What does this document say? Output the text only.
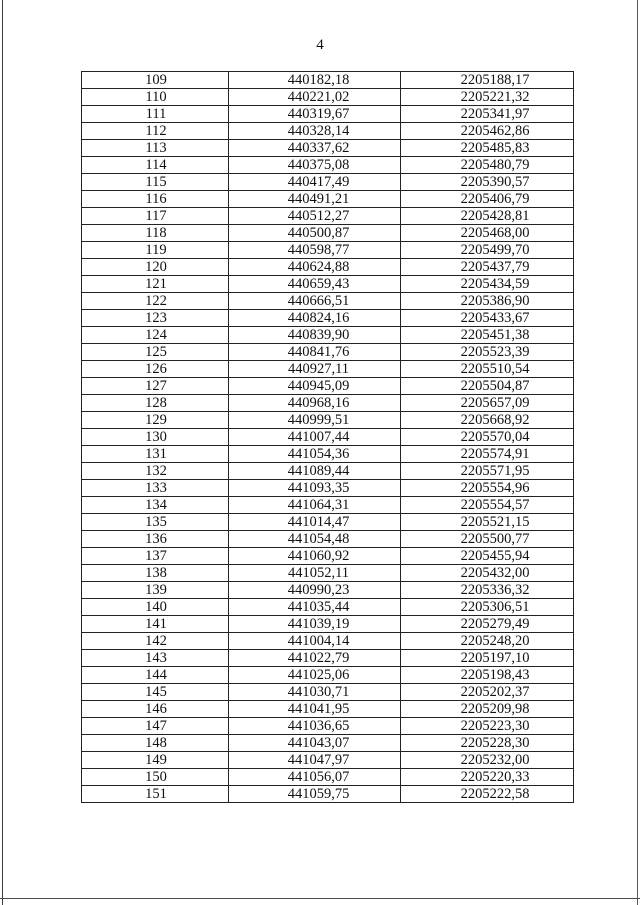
4
109	440182,18	2205188,17
110	440221,02	2205221,32
111	440319,67	2205341,97
112	440328,14	2205462,86
113	440337,62	2205485,83
114	440375,08	2205480,79
115	440417,49	2205390,57
116	440491,21	2205406,79
117	440512,27	2205428,81
118	440500,87	2205468,00
119	440598,77	2205499,70
120	440624,88	2205437,79
121	440659,43	2205434,59
122	440666,51	2205386,90
123	440824,16	2205433,67
124	440839,90	2205451,38
125	440841,76	2205523,39
126	440927,11	2205510,54
127	440945,09	2205504,87
128	440968,16	2205657,09
129	440999,51	2205668,92
130	441007,44	2205570,04
131	441054,36	2205574,91
132	441089,44	2205571,95
133	441093,35	2205554,96
134	441064,31	2205554,57
135	441014,47	2205521,15
136	441054,48	2205500,77
137	441060,92	2205455,94
138	441052,11	2205432,00
139	440990,23	2205336,32
140	441035,44	2205306,51
141	441039,19	2205279,49
142	441004,14	2205248,20
143	441022,79	2205197,10
144	441025,06	2205198,43
145	441030,71	2205202,37
146	441041,95	2205209,98
147	441036,65	2205223,30
148	441043,07	2205228,30
149	441047,97	2205232,00
150	441056,07	2205220,33
151	441059,75	2205222,58
